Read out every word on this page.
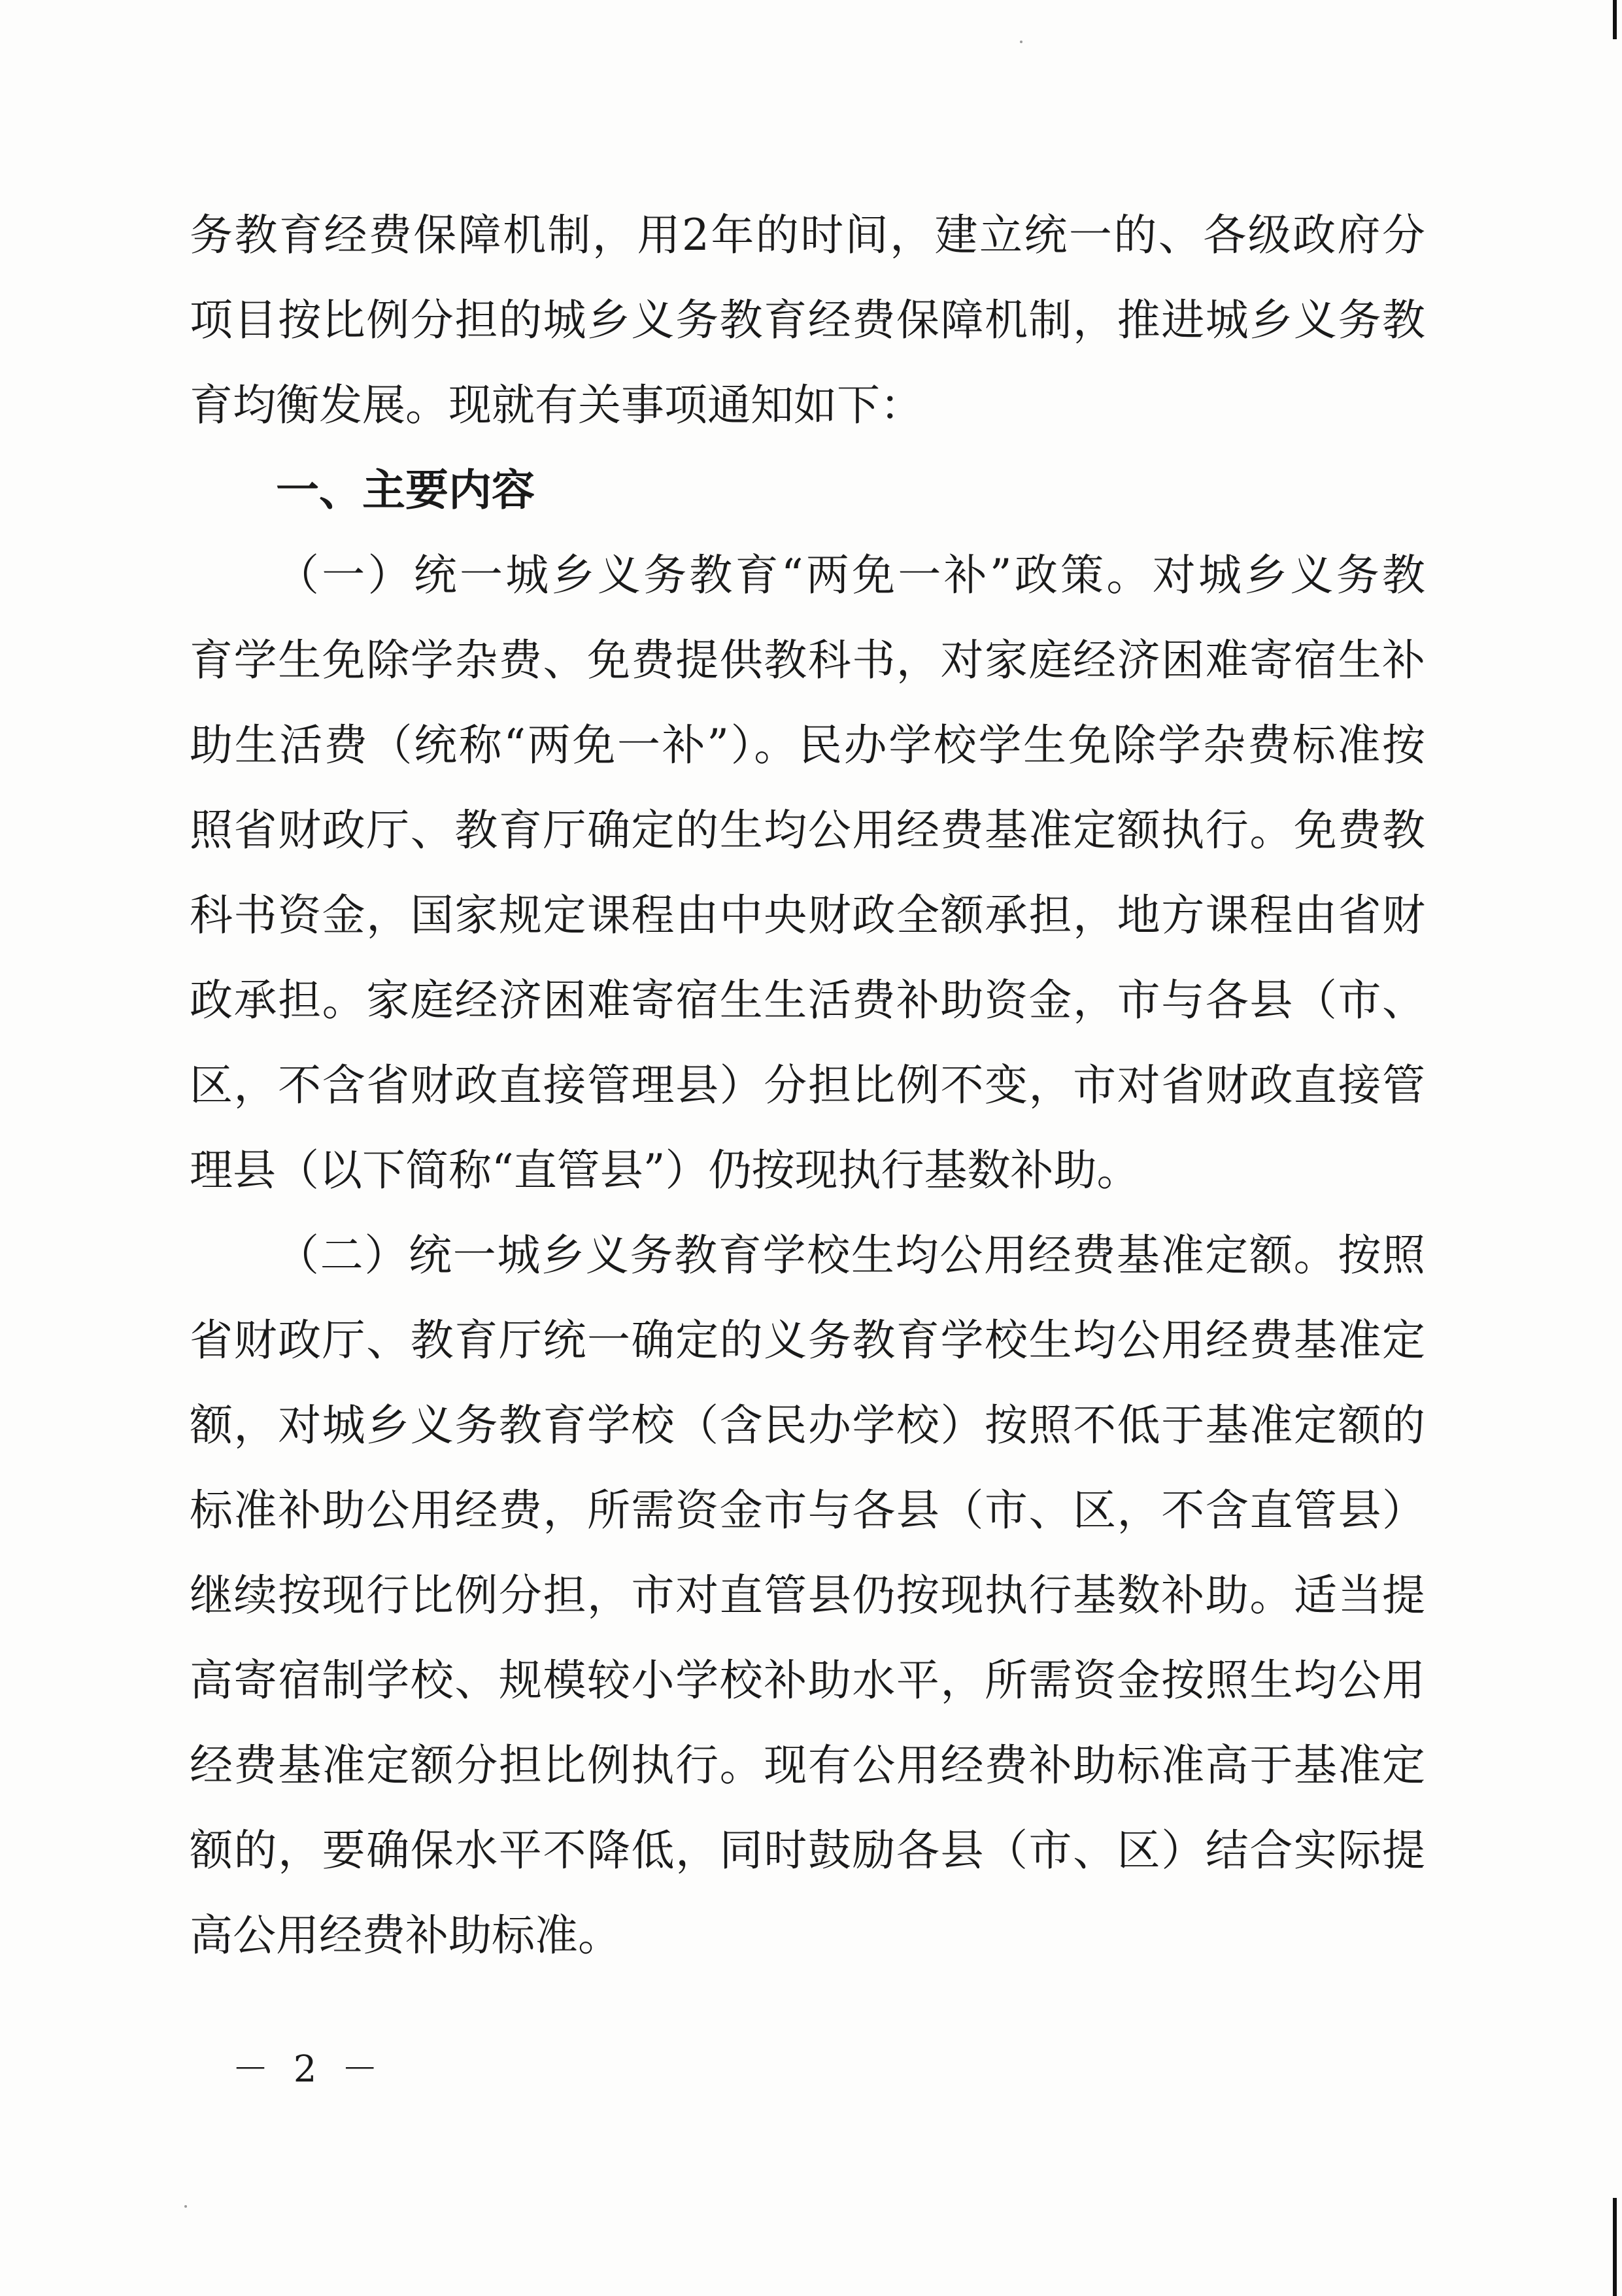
务教育经费保障机制，用2年的时间，建立统一的、各级政府分
项目按比例分担的城乡义务教育经费保障机制，推进城乡义务教
育均衡发展。现就有关事项通知如下：
一、主要内容
（一）统一城乡义务教育“两免一补”政策。对城乡义务教
育学生免除学杂费、免费提供教科书，对家庭经济困难寄宿生补
助生活费（统称“两免一补”）。民办学校学生免除学杂费标准按
照省财政厅、教育厅确定的生均公用经费基准定额执行。免费教
科书资金，国家规定课程由中央财政全额承担，地方课程由省财
政承担。家庭经济困难寄宿生生活费补助资金，市与各县（市、
区，不含省财政直接管理县）分担比例不变，市对省财政直接管
理县（以下简称“直管县”）仍按现执行基数补助。
（二）统一城乡义务教育学校生均公用经费基准定额。按照
省财政厅、教育厅统一确定的义务教育学校生均公用经费基准定
额，对城乡义务教育学校（含民办学校）按照不低于基准定额的
标准补助公用经费，所需资金市与各县（市、区，不含直管县）
继续按现行比例分担，市对直管县仍按现执行基数补助。适当提
高寄宿制学校、规模较小学校补助水平，所需资金按照生均公用
经费基准定额分担比例执行。现有公用经费补助标准高于基准定
额的，要确保水平不降低，同时鼓励各县（市、区）结合实际提
高公用经费补助标准。
－ 2 －
